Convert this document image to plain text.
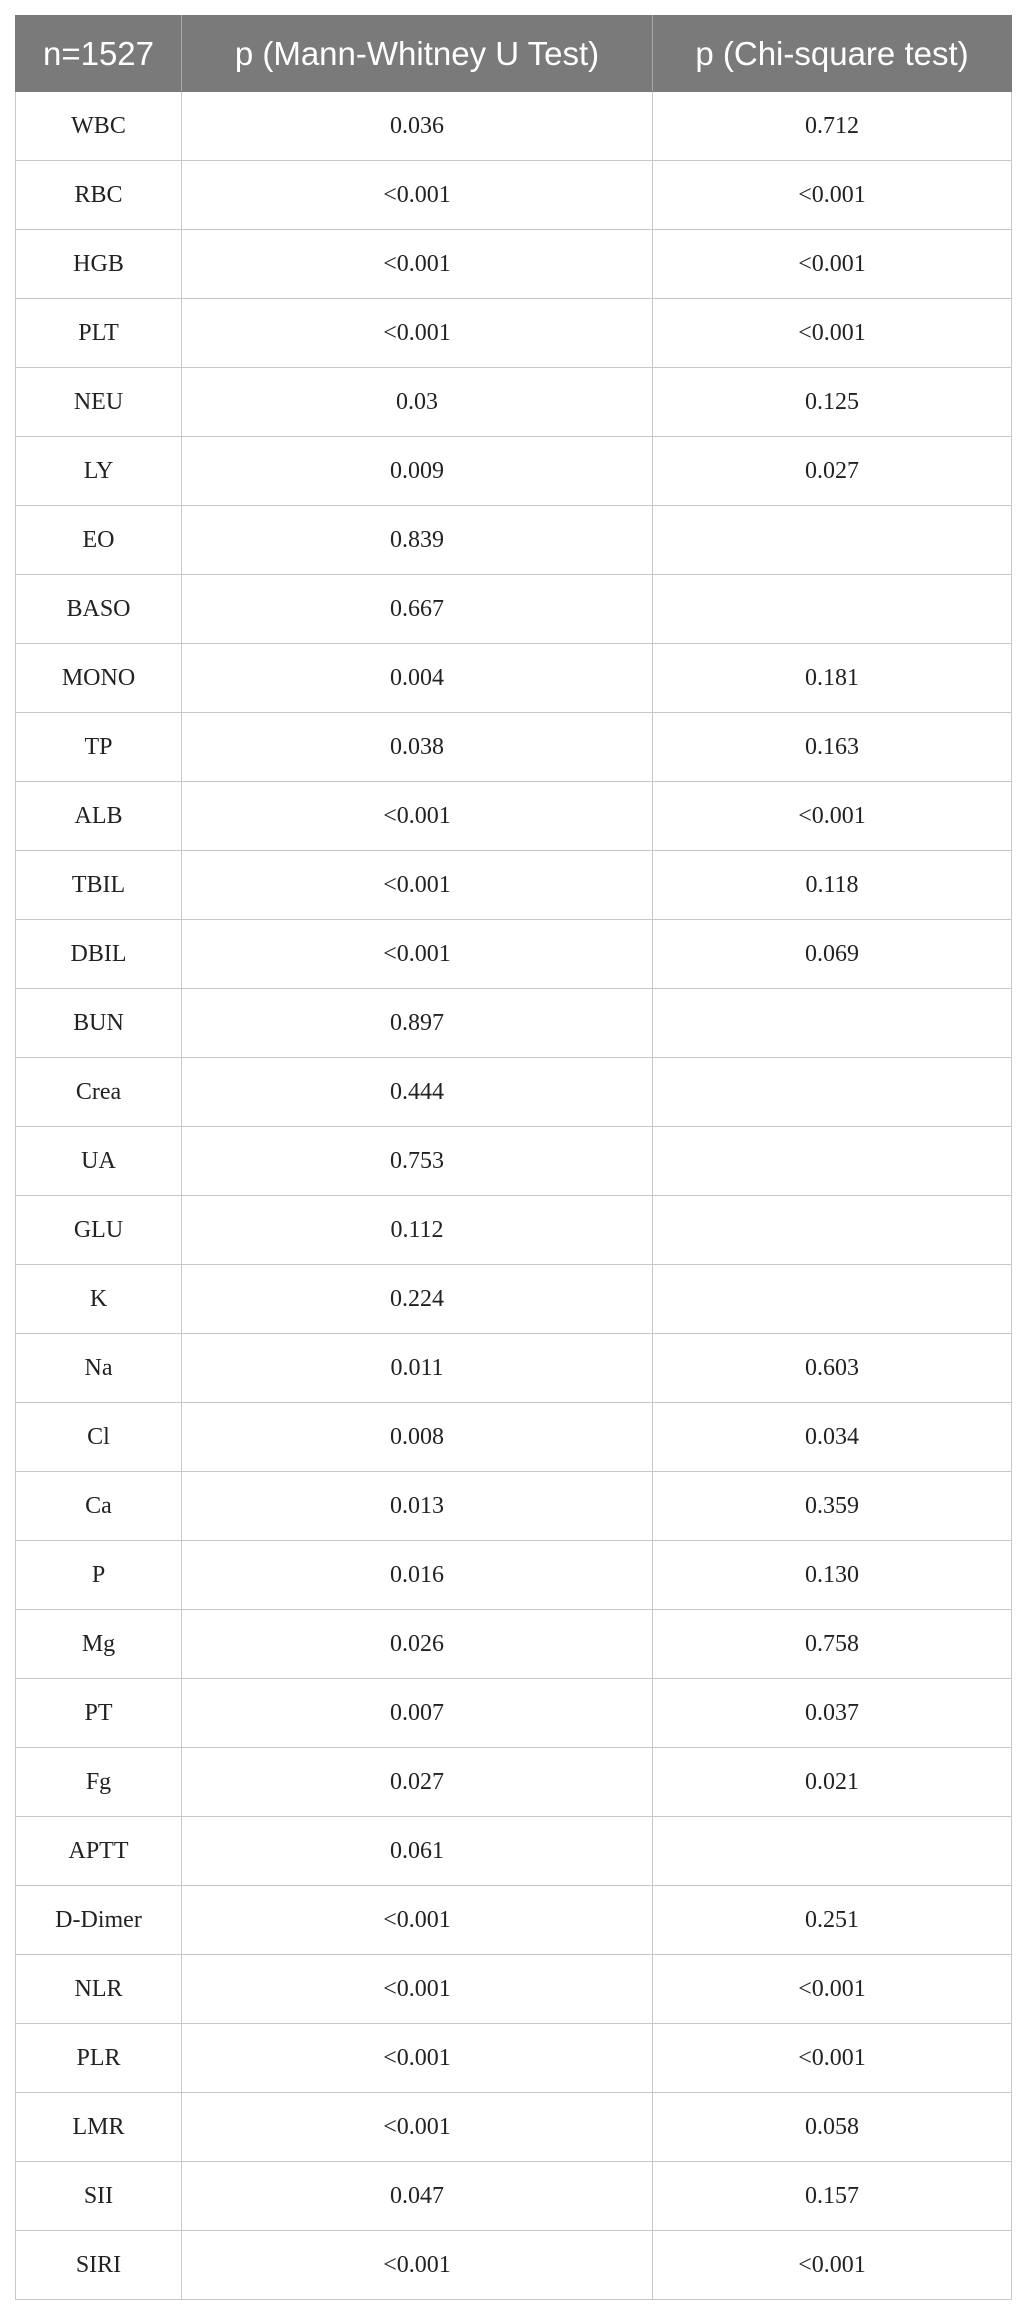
n=1527	p (Mann-Whitney U Test)	p (Chi-square test)
WBC	0.036	0.712
RBC	<0.001	<0.001
HGB	<0.001	<0.001
PLT	<0.001	<0.001
NEU	0.03	0.125
LY	0.009	0.027
EO	0.839	
BASO	0.667	
MONO	0.004	0.181
TP	0.038	0.163
ALB	<0.001	<0.001
TBIL	<0.001	0.118
DBIL	<0.001	0.069
BUN	0.897	
Crea	0.444	
UA	0.753	
GLU	0.112	
K	0.224	
Na	0.011	0.603
Cl	0.008	0.034
Ca	0.013	0.359
P	0.016	0.130
Mg	0.026	0.758
PT	0.007	0.037
Fg	0.027	0.021
APTT	0.061	
D-Dimer	<0.001	0.251
NLR	<0.001	<0.001
PLR	<0.001	<0.001
LMR	<0.001	0.058
SII	0.047	0.157
SIRI	<0.001	<0.001
